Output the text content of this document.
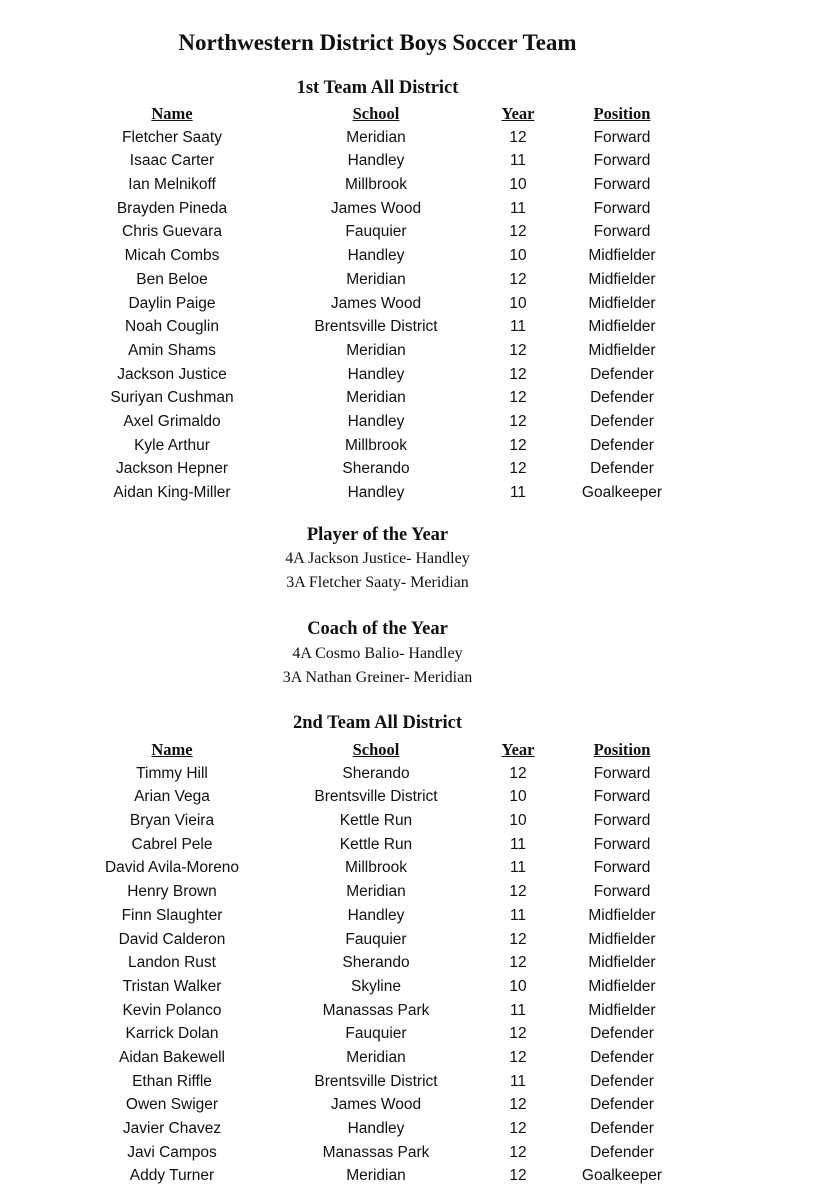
Northwestern District Boys Soccer Team
1st Team All District
Name	School	Year	Position
Fletcher Saaty	Meridian	12	Forward
Isaac Carter	Handley	11	Forward
Ian Melnikoff	Millbrook	10	Forward
Brayden Pineda	James Wood	11	Forward
Chris Guevara	Fauquier	12	Forward
Micah Combs	Handley	10	Midfielder
Ben Beloe	Meridian	12	Midfielder
Daylin Paige	James Wood	10	Midfielder
Noah Couglin	Brentsville District	11	Midfielder
Amin Shams	Meridian	12	Midfielder
Jackson Justice	Handley	12	Defender
Suriyan Cushman	Meridian	12	Defender
Axel Grimaldo	Handley	12	Defender
Kyle Arthur	Millbrook	12	Defender
Jackson Hepner	Sherando	12	Defender
Aidan King-Miller	Handley	11	Goalkeeper
Player of the Year
4A Jackson Justice- Handley
3A Fletcher Saaty- Meridian
Coach of the Year
4A Cosmo Balio- Handley
3A Nathan Greiner- Meridian
2nd Team All District
Name	School	Year	Position
Timmy Hill	Sherando	12	Forward
Arian Vega	Brentsville District	10	Forward
Bryan Vieira	Kettle Run	10	Forward
Cabrel Pele	Kettle Run	11	Forward
David Avila-Moreno	Millbrook	11	Forward
Henry Brown	Meridian	12	Forward
Finn Slaughter	Handley	11	Midfielder
David Calderon	Fauquier	12	Midfielder
Landon Rust	Sherando	12	Midfielder
Tristan Walker	Skyline	10	Midfielder
Kevin Polanco	Manassas Park	11	Midfielder
Karrick Dolan	Fauquier	12	Defender
Aidan Bakewell	Meridian	12	Defender
Ethan Riffle	Brentsville District	11	Defender
Owen Swiger	James Wood	12	Defender
Javier Chavez	Handley	12	Defender
Javi Campos	Manassas Park	12	Defender
Addy Turner	Meridian	12	Goalkeeper
